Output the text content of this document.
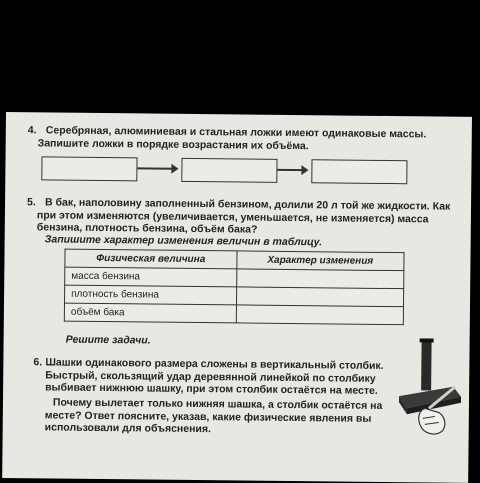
4. Серебряная, алюминиевая и стальная ложки имеют одинаковые массы. Запишите ложки в порядке возрастания их объёма.
5. В бак, наполовину заполненный бензином, долили 20 л той же жидкости. Как при этом изменяются (увеличивается, уменьшается, не изменяется) масса бензина, плотность бензина, объём бака?
Запишите характер изменения величин в таблицу.
Физическая величина	Характер изменения
масса бензина	
плотность бензина	
объём бака	
Решите задачи.
6. Шашки одинакового размера сложены в вертикальный столбик. Быстрый, скользящий удар деревянной линейкой по столбику выбивает нижнюю шашку, при этом столбик остаётся на месте.
Почему вылетает только нижняя шашка, а столбик остаётся на месте? Ответ поясните, указав, какие физические явления вы использовали для объяснения.
